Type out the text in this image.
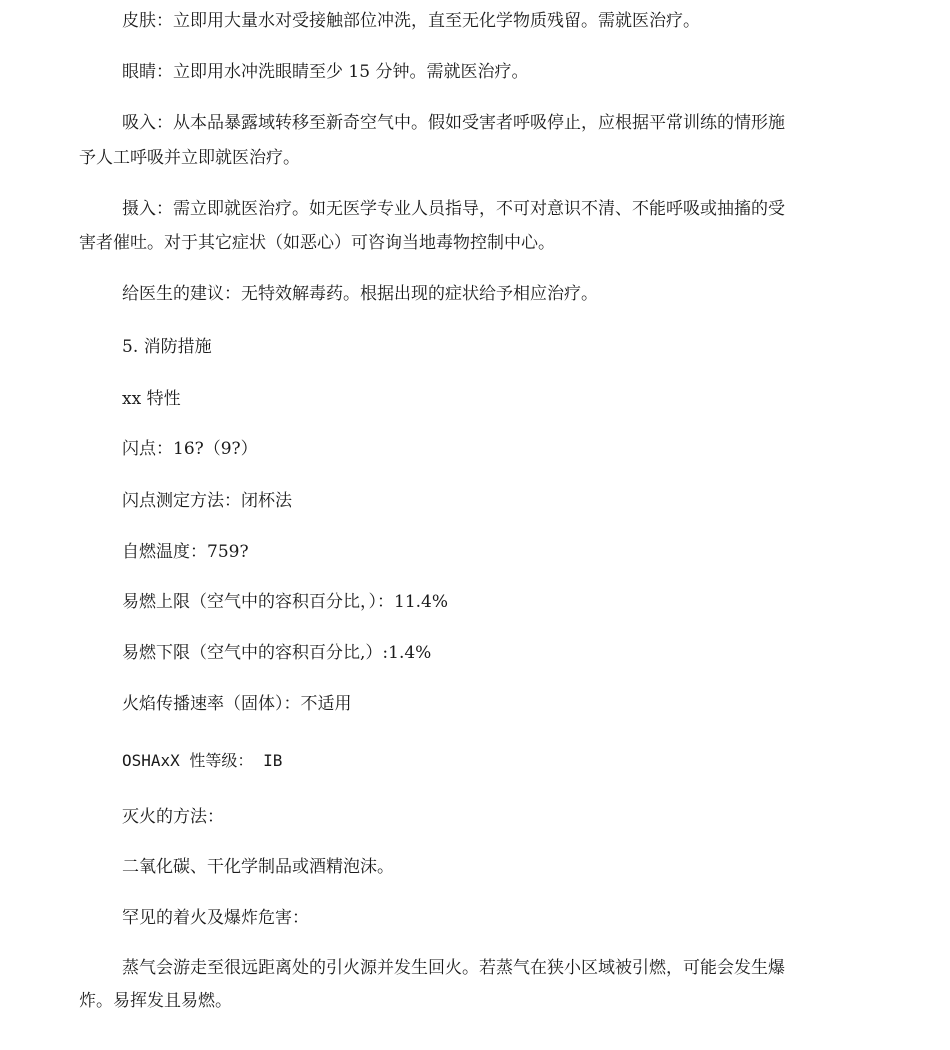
皮肤：立即用大量水对受接触部位冲洗，直至无化学物质残留。需就医治疗。
眼睛：立即用水冲洗眼睛至少 15 分钟。需就医治疗。
吸入：从本品暴露域转移至新奇空气中。假如受害者呼吸停止，应根据平常训练的情形施
予人工呼吸并立即就医治疗。
摄入：需立即就医治疗。如无医学专业人员指导，不可对意识不清、不能呼吸或抽搐的受
害者催吐。对于其它症状（如恶心）可咨询当地毒物控制中心。
给医生的建议：无特效解毒药。根据出现的症状给予相应治疗。
5. 消防措施
xx 特性
闪点：16?（9?）
闪点测定方法：闭杯法
自燃温度：759?
易燃上限（空气中的容积百分比，）：11.4%
易燃下限（空气中的容积百分比,）:1.4%
火焰传播速率（固体）：不适用
OSHAxX 性等级： IB
灭火的方法：
二氧化碳、干化学制品或酒精泡沫。
罕见的着火及爆炸危害：
蒸气会游走至很远距离处的引火源并发生回火。若蒸气在狭小区域被引燃，可能会发生爆
炸。易挥发且易燃。
